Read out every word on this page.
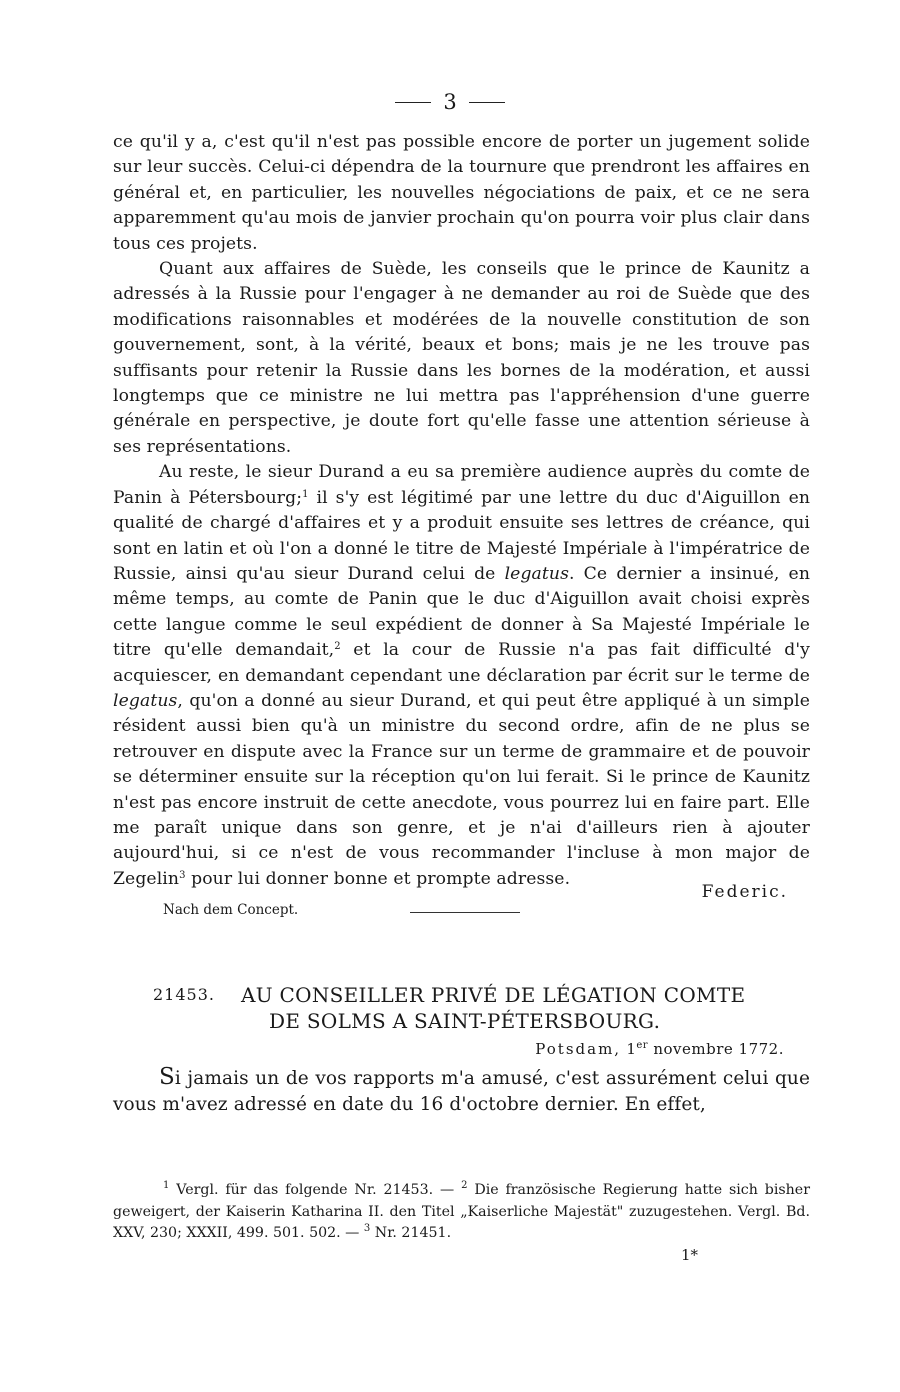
3

ce qu'il y a, c'est qu'il n'est pas possible encore de porter un jugement solide sur leur succès. Celui-ci dépendra de la tournure que prendront les affaires en général et, en particulier, les nouvelles négociations de paix, et ce ne sera apparemment qu'au mois de janvier prochain qu'on pourra voir plus clair dans tous ces projets.

Quant aux affaires de Suède, les conseils que le prince de Kaunitz a adressés à la Russie pour l'engager à ne demander au roi de Suède que des modifications raisonnables et modérées de la nouvelle constitution de son gouvernement, sont, à la vérité, beaux et bons; mais je ne les trouve pas suffisants pour retenir la Russie dans les bornes de la modération, et aussi longtemps que ce ministre ne lui mettra pas l'appréhension d'une guerre générale en perspective, je doute fort qu'elle fasse une attention sérieuse à ses représentations.

Au reste, le sieur Durand a eu sa première audience auprès du comte de Panin à Pétersbourg;$^1$ il s'y est légitimé par une lettre du duc d'Aiguillon en qualité de chargé d'affaires et y a produit ensuite ses lettres de créance, qui sont en latin et où l'on a donné le titre de Majesté Impériale à l'impératrice de Russie, ainsi qu'au sieur Durand celui de legatus. Ce dernier a insinué, en même temps, au comte de Panin que le duc d'Aiguillon avait choisi exprès cette langue comme le seul expédient de donner à Sa Majesté Impériale le titre qu'elle demandait,$^2$ et la cour de Russie n'a pas fait difficulté d'y acquiescer, en demandant cependant une déclaration par écrit sur le terme de legatus, qu'on a donné au sieur Durand, et qui peut être appliqué à un simple résident aussi bien qu'à un ministre du second ordre, afin de ne plus se retrouver en dispute avec la France sur un terme de grammaire et de pouvoir se déterminer ensuite sur la réception qu'on lui ferait. Si le prince de Kaunitz n'est pas encore instruit de cette anecdote, vous pourrez lui en faire part. Elle me paraît unique dans son genre, et je n'ai d'ailleurs rien à ajouter aujourd'hui, si ce n'est de vous recommander l'incluse à mon major de Zegelin$^3$ pour lui donner bonne et prompte adresse.

Federic.
Nach dem Concept.
21453. AU CONSEILLER PRIVÉ DE LÉGATION COMTE
DE SOLMS A SAINT-PÉTERSBOURG.
Potsdam, 1er novembre 1772.

Si jamais un de vos rapports m'a amusé, c'est assurément celui que vous m'avez adressé en date du 16 d'octobre dernier. En effet,

$^1$ Vergl. für das folgende Nr. 21453. — $^2$ Die französische Regierung hatte sich bisher geweigert, der Kaiserin Katharina II. den Titel „Kaiserliche Majestät" zuzugestehen. Vergl. Bd. XXV, 230; XXXII, 499. 501. 502. — $^3$ Nr. 21451.

1*
